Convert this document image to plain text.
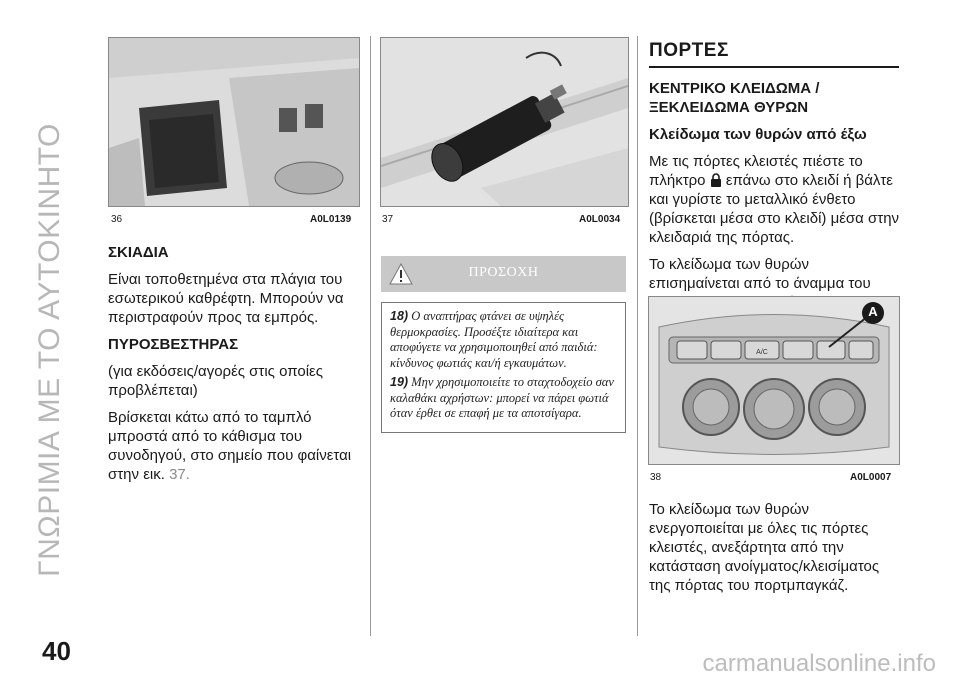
ΓΝΩΡΙΜΙΑ ΜΕ ΤΟ ΑΥΤΟΚΙΝΗΤΟ	36	A0L0139	37	A0L0034

ΣΚΙΑΔΙΑ

Είναι τοποθετημένα στα πλάγια του εσωτερικού καθρέφτη. Μπορούν να περιστραφούν προς τα εμπρός.

ΠΥΡΟΣΒΕΣΤΗΡΑΣ

(για εκδόσεις/αγορές στις οποίες προβλέπεται)

Βρίσκεται κάτω από το ταμπλό μπροστά από το κάθισμα του συνοδηγού, στο σημείο που φαίνεται στην εικ. 37.

ΠΡΟΣΟΧΗ

18) Ο αναπτήρας φτάνει σε υψηλές θερμοκρασίες. Προσέξτε ιδιαίτερα και αποφύγετε να χρησιμοποιηθεί από παιδιά: κίνδυνος φωτιάς και/ή εγκαυμάτων.

19) Μην χρησιμοποιείτε το σταχτοδοχείο σαν καλαθάκι αχρήστων: μπορεί να πάρει φωτιά όταν έρθει σε επαφή με τα αποτσίγαρα.

ΠΟΡΤΕΣ

ΚΕΝΤΡΙΚΟ ΚΛΕΙΔΩΜΑ / ΞΕΚΛΕΙΔΩΜΑ ΘΥΡΩΝ

Κλείδωμα των θυρών από έξω

Με τις πόρτες κλειστές πιέστε το πλήκτρο επάνω στο κλειδί ή βάλτε και γυρίστε το μεταλλικό ένθετο (βρίσκεται μέσα στο κλειδί) μέσα στην κλειδαριά της πόρτας.

Το κλείδωμα των θυρών επισημαίνεται από το άναμμα του

A/C
A
38	A0L0007

Το κλείδωμα των θυρών ενεργοποιείται με όλες τις πόρτες κλειστές, ανεξάρτητα από την κατάσταση ανοίγματος/κλεισίματος της πόρτας του πορτμπαγκάζ.

40	carmanualsonline.info
